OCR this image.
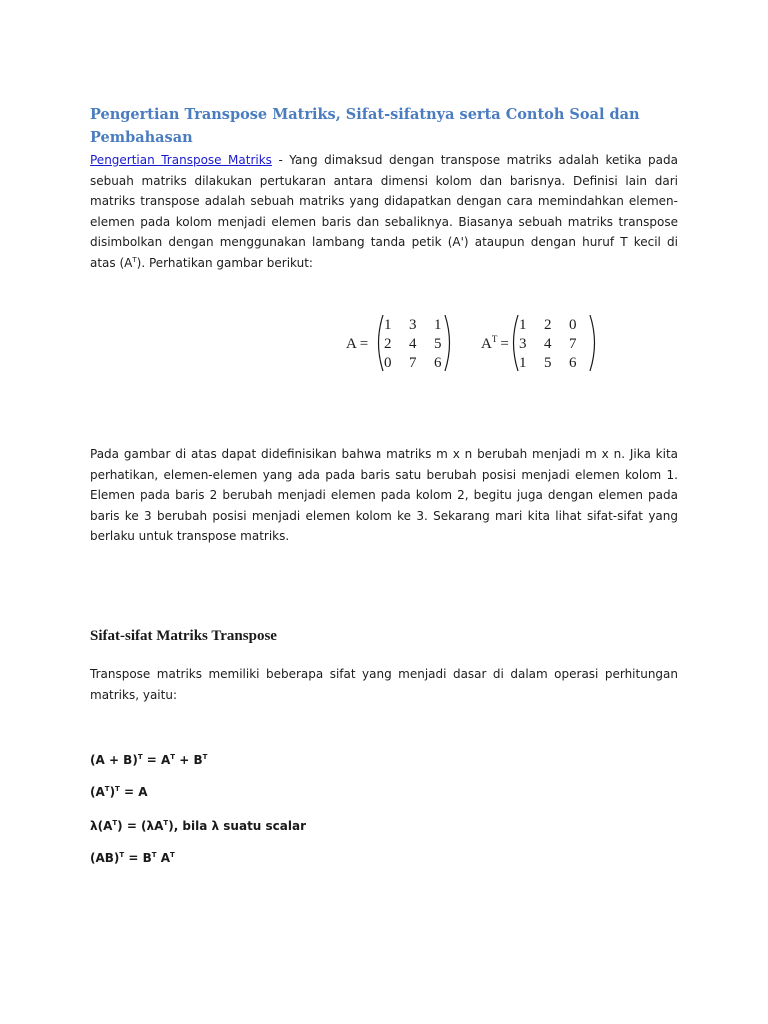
Pengertian Transpose Matriks, Sifat-sifatnya serta Contoh Soal dan Pembahasan
Pengertian Transpose Matriks - Yang dimaksud dengan transpose matriks adalah ketika pada sebuah matriks dilakukan pertukaran antara dimensi kolom dan barisnya. Definisi lain dari matriks transpose adalah sebuah matriks yang didapatkan dengan cara memindahkan elemen-elemen pada kolom menjadi elemen baris dan sebaliknya. Biasanya sebuah matriks transpose disimbolkan dengan menggunakan lambang tanda petik (A') ataupun dengan huruf T kecil di atas $(A^T)$. Perhatikan gambar berikut:
A =
1 3 1
2 4 5
0 7 6
$A^T$ =
1 2 0
3 4 7
1 5 6
Pada gambar di atas dapat didefinisikan bahwa matriks m x n berubah menjadi m x n. Jika kita perhatikan, elemen-elemen yang ada pada baris satu berubah posisi menjadi elemen kolom 1. Elemen pada baris 2 berubah menjadi elemen pada kolom 2, begitu juga dengan elemen pada baris ke 3 berubah posisi menjadi elemen kolom ke 3. Sekarang mari kita lihat sifat-sifat yang berlaku untuk transpose matriks.
Sifat-sifat Matriks Transpose
Transpose matriks memiliki beberapa sifat yang menjadi dasar di dalam operasi perhitungan matriks, yaitu:
$(A + B)^T = A^T + B^T$
$(A^T)^T = A$
$\lambda(A^T) = (\lambda A^T)$, bila λ suatu scalar
$(AB)^T = B^T$ $A^T$
